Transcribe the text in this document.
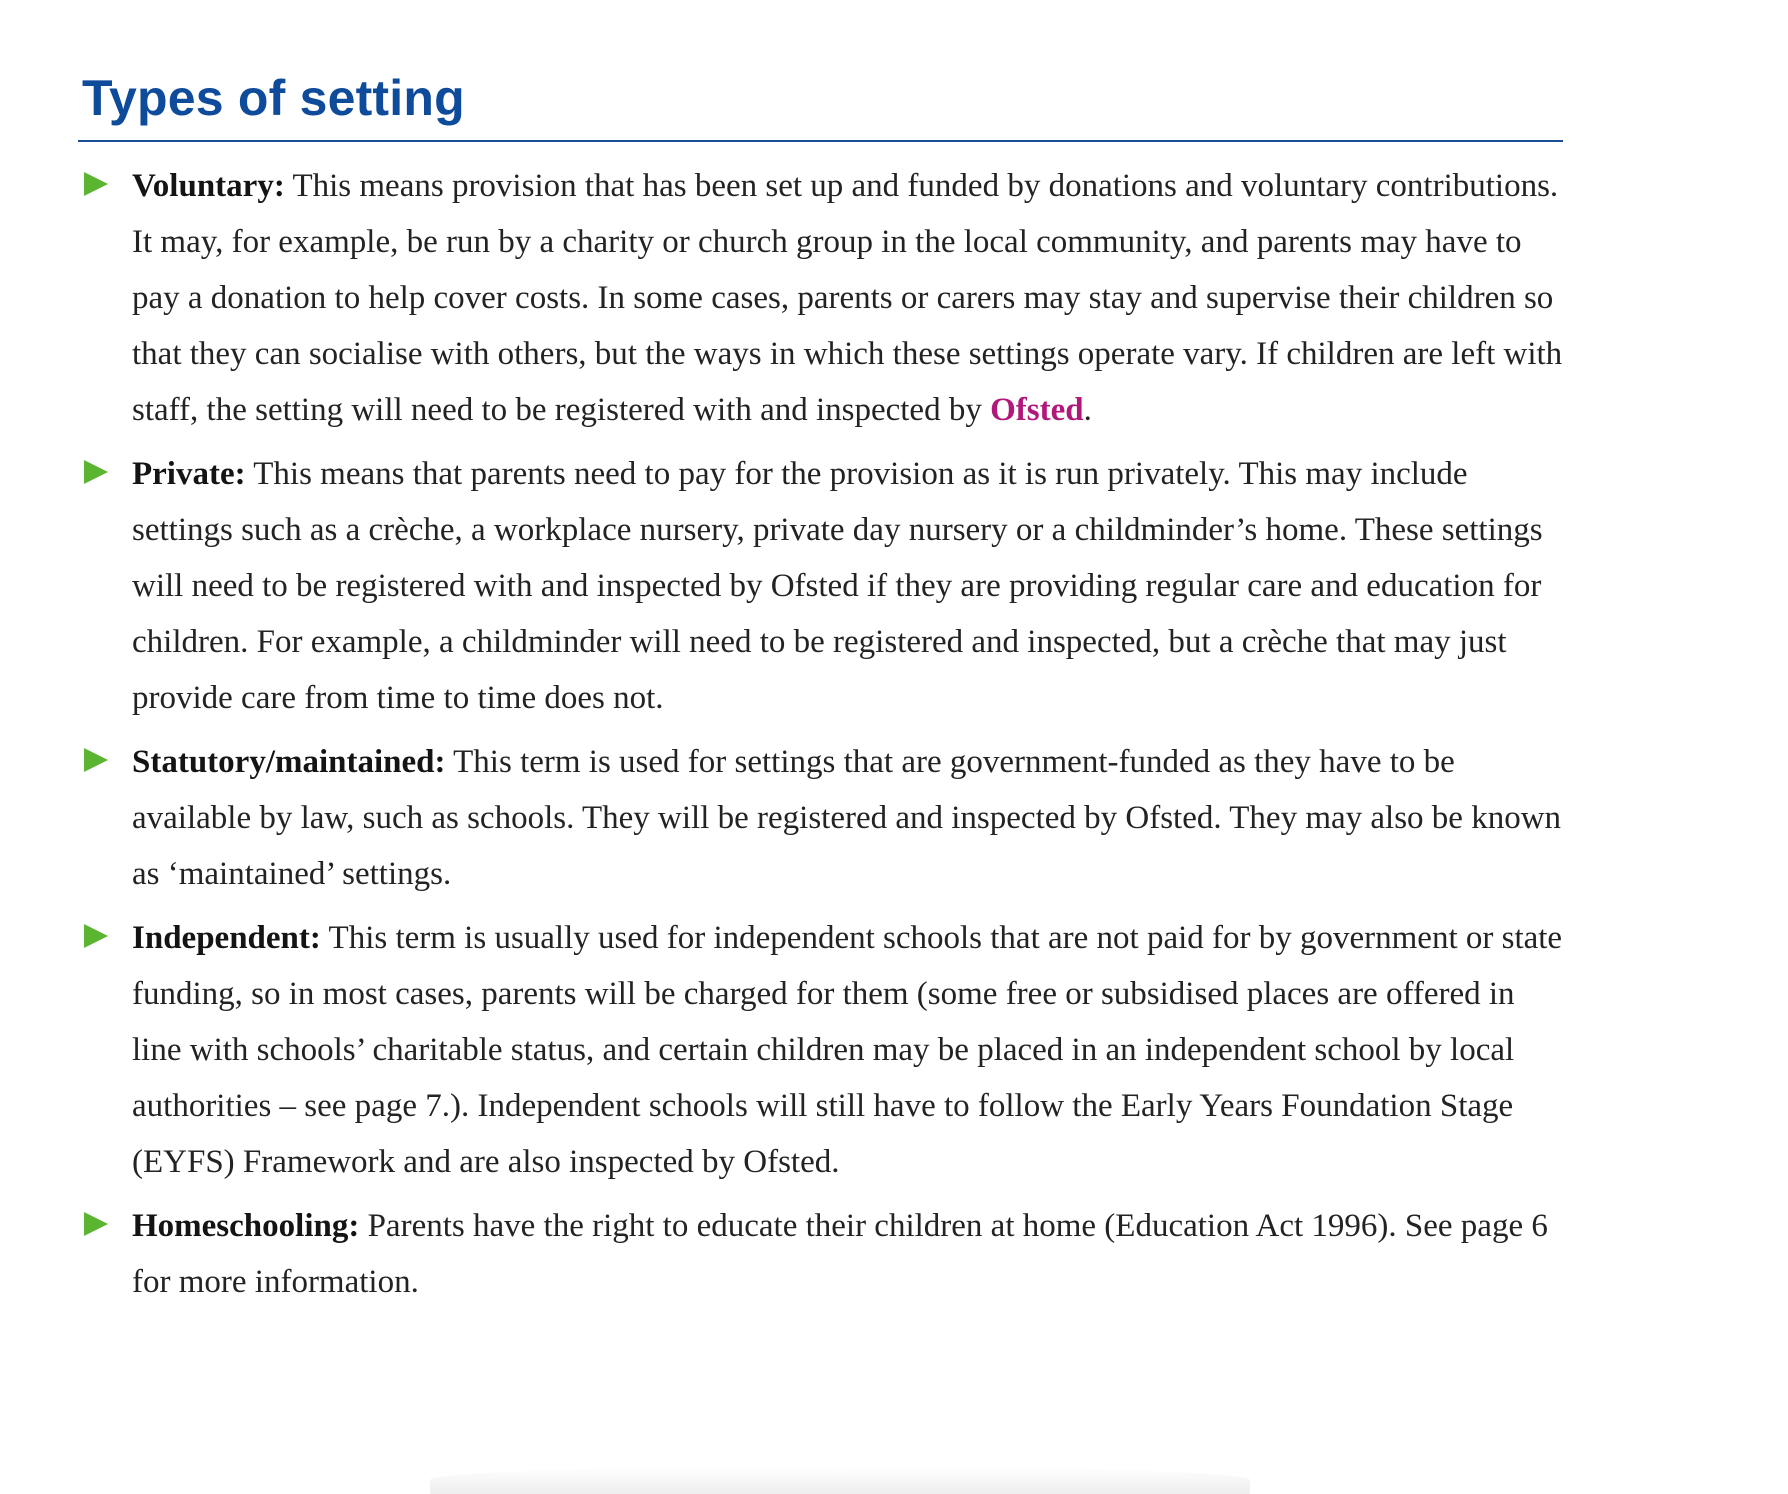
Types of setting
Voluntary: This means provision that has been set up and funded by donations and voluntary contributions. It may, for example, be run by a charity or church group in the local community, and parents may have to pay a donation to help cover costs. In some cases, parents or carers may stay and supervise their children so that they can socialise with others, but the ways in which these settings operate vary. If children are left with staff, the setting will need to be registered with and inspected by Ofsted.
Private: This means that parents need to pay for the provision as it is run privately. This may include settings such as a crèche, a workplace nursery, private day nursery or a childminder’s home. These settings will need to be registered with and inspected by Ofsted if they are providing regular care and education for children. For example, a childminder will need to be registered and inspected, but a crèche that may just provide care from time to time does not.
Statutory/maintained: This term is used for settings that are government-funded as they have to be available by law, such as schools. They will be registered and inspected by Ofsted. They may also be known as ‘maintained’ settings.
Independent: This term is usually used for independent schools that are not paid for by government or state funding, so in most cases, parents will be charged for them (some free or subsidised places are offered in line with schools’ charitable status, and certain children may be placed in an independent school by local authorities – see page 7.). Independent schools will still have to follow the Early Years Foundation Stage (EYFS) Framework and are also inspected by Ofsted.
Homeschooling: Parents have the right to educate their children at home (Education Act 1996). See page 6 for more information.
